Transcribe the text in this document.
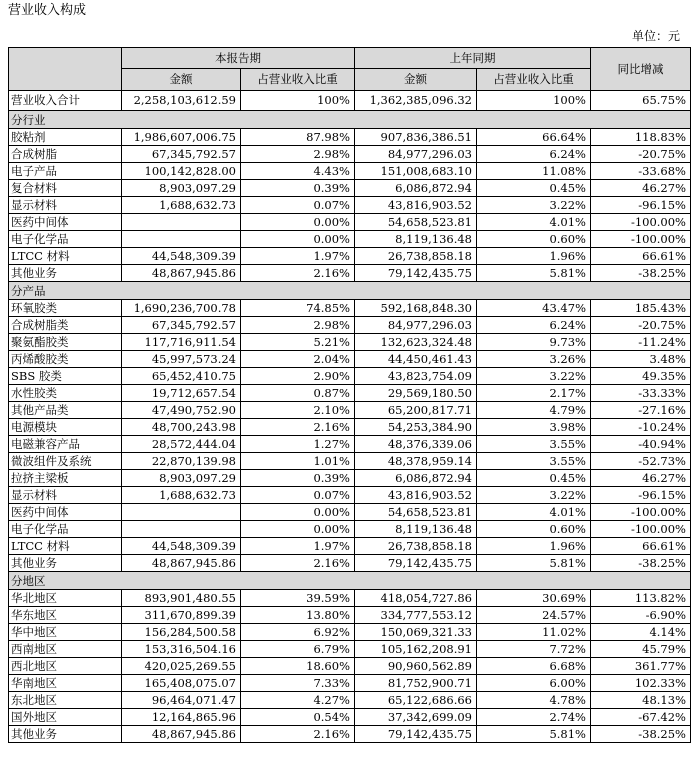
营业收入构成
单位：元
	本报告期		上年同期		同比增减
	金额	占营业收入比重	金额	占营业收入比重	
营业收入合计	2,258,103,612.59	100%	1,362,385,096.32	100%	65.75%
分行业					
胶粘剂	1,986,607,006.75	87.98%	907,836,386.51	66.64%	118.83%
合成树脂	67,345,792.57	2.98%	84,977,296.03	6.24%	-20.75%
电子产品	100,142,828.00	4.43%	151,008,683.10	11.08%	-33.68%
复合材料	8,903,097.29	0.39%	6,086,872.94	0.45%	46.27%
显示材料	1,688,632.73	0.07%	43,816,903.52	3.22%	-96.15%
医药中间体		0.00%	54,658,523.81	4.01%	-100.00%
电子化学品		0.00%	8,119,136.48	0.60%	-100.00%
LTCC 材料	44,548,309.39	1.97%	26,738,858.18	1.96%	66.61%
其他业务	48,867,945.86	2.16%	79,142,435.75	5.81%	-38.25%
分产品					
环氧胶类	1,690,236,700.78	74.85%	592,168,848.30	43.47%	185.43%
合成树脂类	67,345,792.57	2.98%	84,977,296.03	6.24%	-20.75%
聚氨酯胶类	117,716,911.54	5.21%	132,623,324.48	9.73%	-11.24%
丙烯酸胶类	45,997,573.24	2.04%	44,450,461.43	3.26%	3.48%
SBS 胶类	65,452,410.75	2.90%	43,823,754.09	3.22%	49.35%
水性胶类	19,712,657.54	0.87%	29,569,180.50	2.17%	-33.33%
其他产品类	47,490,752.90	2.10%	65,200,817.71	4.79%	-27.16%
电源模块	48,700,243.98	2.16%	54,253,384.90	3.98%	-10.24%
电磁兼容产品	28,572,444.04	1.27%	48,376,339.06	3.55%	-40.94%
微波组件及系统	22,870,139.98	1.01%	48,378,959.14	3.55%	-52.73%
拉挤主梁板	8,903,097.29	0.39%	6,086,872.94	0.45%	46.27%
显示材料	1,688,632.73	0.07%	43,816,903.52	3.22%	-96.15%
医药中间体		0.00%	54,658,523.81	4.01%	-100.00%
电子化学品		0.00%	8,119,136.48	0.60%	-100.00%
LTCC 材料	44,548,309.39	1.97%	26,738,858.18	1.96%	66.61%
其他业务	48,867,945.86	2.16%	79,142,435.75	5.81%	-38.25%
分地区					
华北地区	893,901,480.55	39.59%	418,054,727.86	30.69%	113.82%
华东地区	311,670,899.39	13.80%	334,777,553.12	24.57%	-6.90%
华中地区	156,284,500.58	6.92%	150,069,321.33	11.02%	4.14%
西南地区	153,316,504.16	6.79%	105,162,208.91	7.72%	45.79%
西北地区	420,025,269.55	18.60%	90,960,562.89	6.68%	361.77%
华南地区	165,408,075.07	7.33%	81,752,900.71	6.00%	102.33%
东北地区	96,464,071.47	4.27%	65,122,686.66	4.78%	48.13%
国外地区	12,164,865.96	0.54%	37,342,699.09	2.74%	-67.42%
其他业务	48,867,945.86	2.16%	79,142,435.75	5.81%	-38.25%
